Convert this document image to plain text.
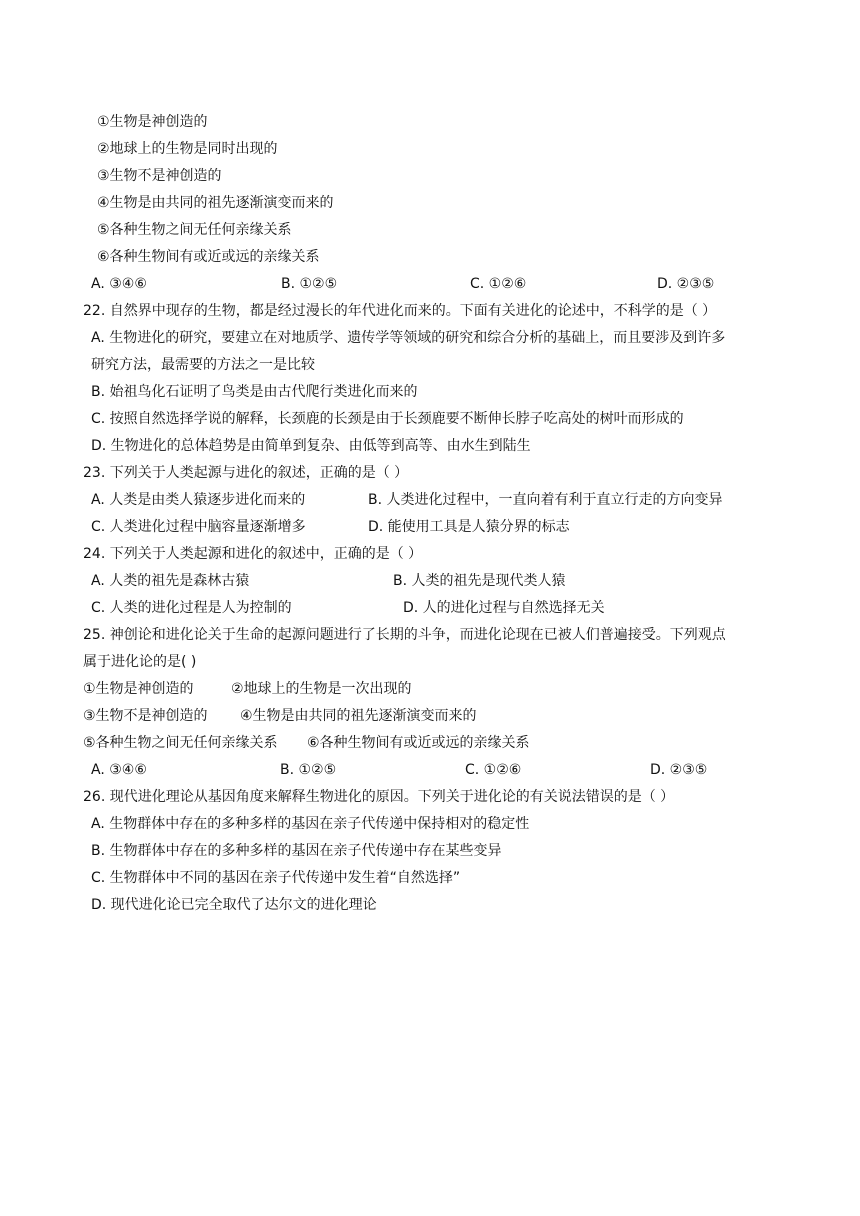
①生物是神创造的
②地球上的生物是同时出现的
③生物不是神创造的
④生物是由共同的祖先逐渐演变而来的
⑤各种生物之间无任何亲缘关系
⑥各种生物间有或近或远的亲缘关系
A. ③④⑥	B. ①②⑤	C. ①②⑥	D. ②③⑤
22. 自然界中现存的生物，都是经过漫长的年代进化而来的。下面有关进化的论述中，不科学的是（ ）
A. 生物进化的研究，要建立在对地质学、遗传学等领域的研究和综合分析的基础上，而且要涉及到许多
研究方法，最需要的方法之一是比较
B. 始祖鸟化石证明了鸟类是由古代爬行类进化而来的
C. 按照自然选择学说的解释，长颈鹿的长颈是由于长颈鹿要不断伸长脖子吃高处的树叶而形成的
D. 生物进化的总体趋势是由简单到复杂、由低等到高等、由水生到陆生
23. 下列关于人类起源与进化的叙述，正确的是（ ）
A. 人类是由类人猿逐步进化而来的	B. 人类进化过程中，一直向着有利于直立行走的方向变异
C. 人类进化过程中脑容量逐渐增多	D. 能使用工具是人猿分界的标志
24. 下列关于人类起源和进化的叙述中，正确的是（ ）
A. 人类的祖先是森林古猿	B. 人类的祖先是现代类人猿
C. 人类的进化过程是人为控制的	D. 人的进化过程与自然选择无关
25. 神创论和进化论关于生命的起源问题进行了长期的斗争，而进化论现在已被人们普遍接受。下列观点
属于进化论的是( )
①生物是神创造的	②地球上的生物是一次出现的
③生物不是神创造的 ④生物是由共同的祖先逐渐演变而来的
⑤各种生物之间无任何亲缘关系 ⑥各种生物间有或近或远的亲缘关系
A. ③④⑥	B. ①②⑤	C. ①②⑥	D. ②③⑤
26. 现代进化理论从基因角度来解释生物进化的原因。下列关于进化论的有关说法错误的是（ ）
A. 生物群体中存在的多种多样的基因在亲子代传递中保持相对的稳定性
B. 生物群体中存在的多种多样的基因在亲子代传递中存在某些变异
C. 生物群体中不同的基因在亲子代传递中发生着“自然选择”
D. 现代进化论已完全取代了达尔文的进化理论
